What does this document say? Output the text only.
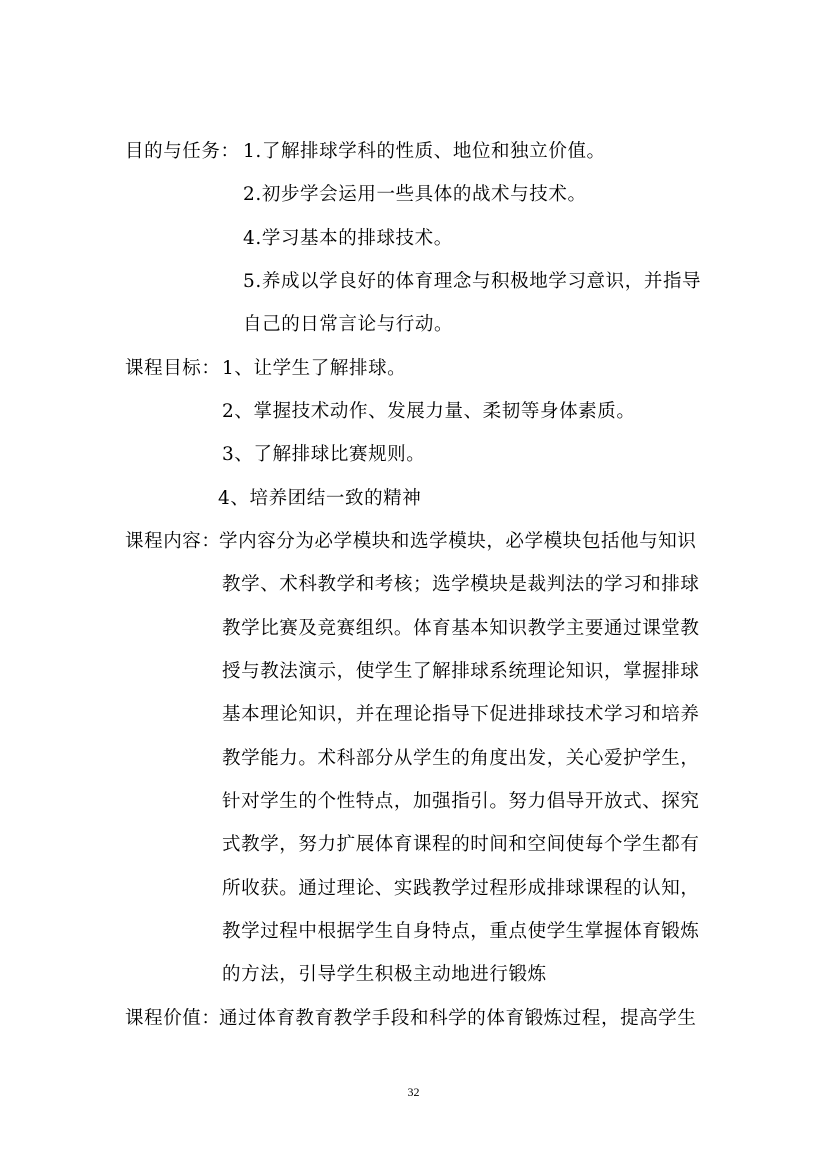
目的与任务： 1.了解排球学科的性质、地位和独立价值。
2.初步学会运用一些具体的战术与技术。
4.学习基本的排球技术。
5.养成以学良好的体育理念与积极地学习意识，并指导
自己的日常言论与行动。
课程目标： 1、让学生了解排球。
2、掌握技术动作、发展力量、柔韧等身体素质。
3、了解排球比赛规则。
4、培养团结一致的精神
课程内容：
学内容分为必学模块和选学模块，必学模块包括他与知识
教学、术科教学和考核；选学模块是裁判法的学习和排球
教学比赛及竞赛组织。体育基本知识教学主要通过课堂教
授与教法演示，使学生了解排球系统理论知识，掌握排球
基本理论知识，并在理论指导下促进排球技术学习和培养
教学能力。术科部分从学生的角度出发，关心爱护学生，
针对学生的个性特点，加强指引。努力倡导开放式、探究
式教学，努力扩展体育课程的时间和空间使每个学生都有
所收获。通过理论、实践教学过程形成排球课程的认知，
教学过程中根据学生自身特点，重点使学生掌握体育锻炼
的方法，引导学生积极主动地进行锻炼
课程价值：
通过体育教育教学手段和科学的体育锻炼过程，提高学生
32
